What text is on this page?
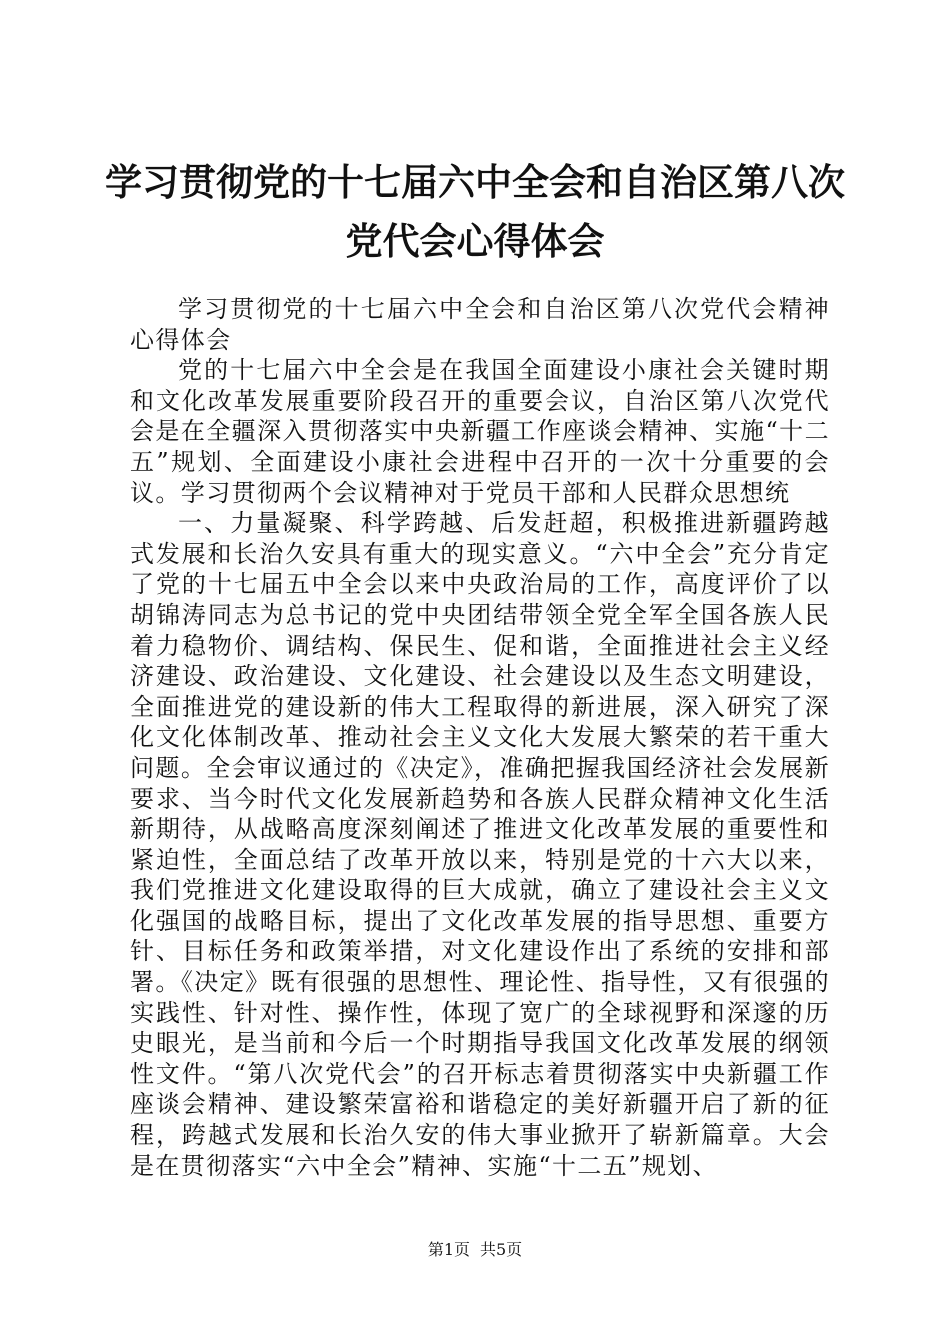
学习贯彻党的十七届六中全会和自治区第八次
党代会心得体会

学习贯彻党的十七届六中全会和自治区第八次党代会精神心得体会

党的十七届六中全会是在我国全面建设小康社会关键时期和文化改革发展重要阶段召开的重要会议，自治区第八次党代会是在全疆深入贯彻落实中央新疆工作座谈会精神、实施“十二五”规划、全面建设小康社会进程中召开的一次十分重要的会议。学习贯彻两个会议精神对于党员干部和人民群众思想统

一、力量凝聚、科学跨越、后发赶超，积极推进新疆跨越式发展和长治久安具有重大的现实意义。“六中全会”充分肯定了党的十七届五中全会以来中央政治局的工作，高度评价了以胡锦涛同志为总书记的党中央团结带领全党全军全国各族人民着力稳物价、调结构、保民生、促和谐，全面推进社会主义经济建设、政治建设、文化建设、社会建设以及生态文明建设，全面推进党的建设新的伟大工程取得的新进展，深入研究了深化文化体制改革、推动社会主义文化大发展大繁荣的若干重大问题。全会审议通过的《决定》，准确把握我国经济社会发展新要求、当今时代文化发展新趋势和各族人民群众精神文化生活新期待，从战略高度深刻阐述了推进文化改革发展的重要性和紧迫性，全面总结了改革开放以来，特别是党的十六大以来，我们党推进文化建设取得的巨大成就，确立了建设社会主义文化强国的战略目标，提出了文化改革发展的指导思想、重要方针、目标任务和政策举措，对文化建设作出了系统的安排和部署。《决定》既有很强的思想性、理论性、指导性，又有很强的实践性、针对性、操作性，体现了宽广的全球视野和深邃的历史眼光，是当前和今后一个时期指导我国文化改革发展的纲领性文件。“第八次党代会”的召开标志着贯彻落实中央新疆工作座谈会精神、建设繁荣富裕和谐稳定的美好新疆开启了新的征程，跨越式发展和长治久安的伟大事业掀开了崭新篇章。大会是在贯彻落实“六中全会”精神、实施“十二五”规划、

第1页 共5页
